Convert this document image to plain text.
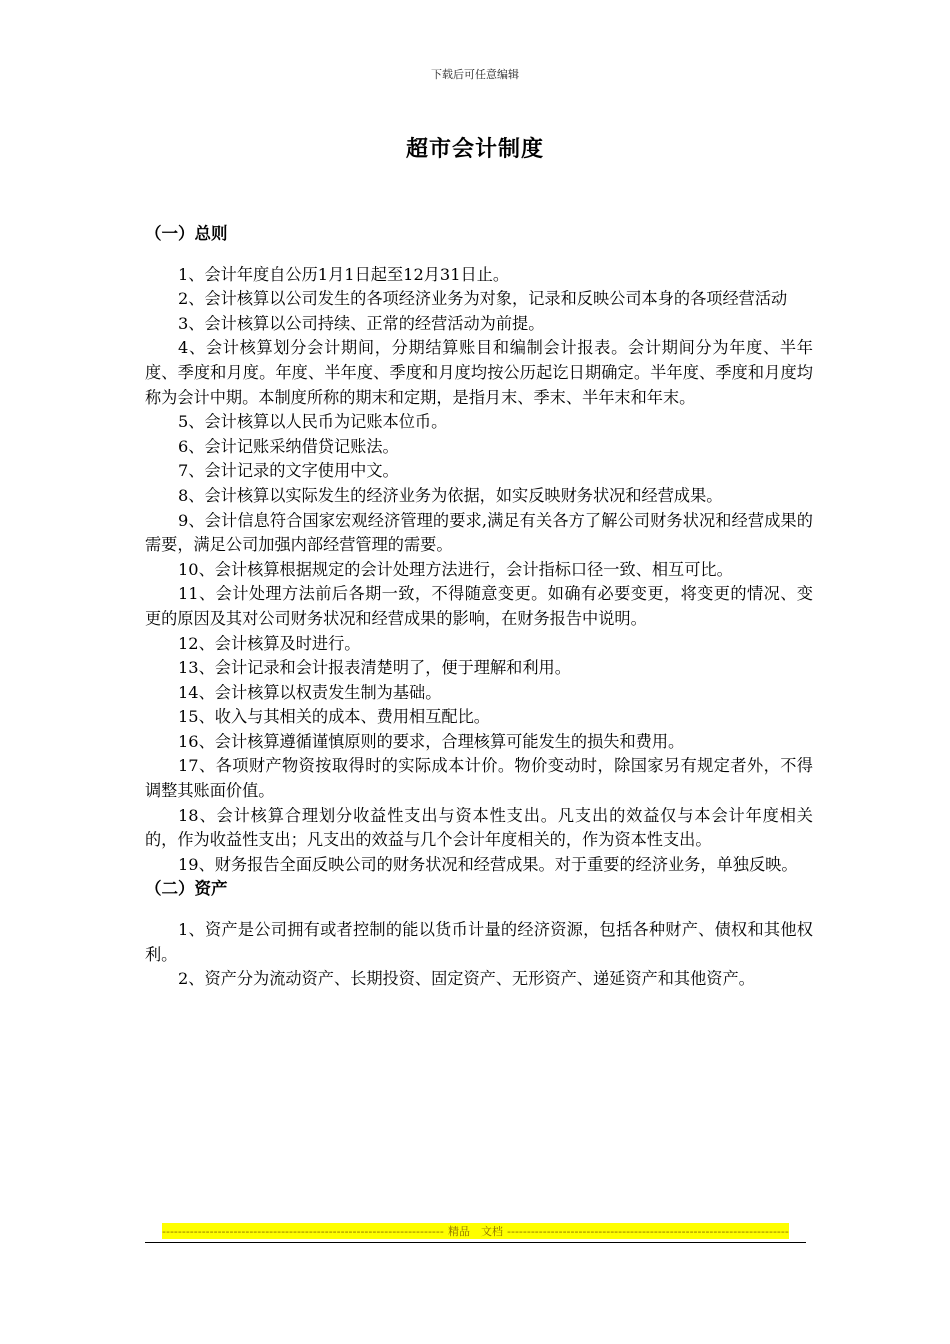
下载后可任意编辑
超市会计制度
（一）总则

1、会计年度自公历1月1日起至12月31日止。

2、会计核算以公司发生的各项经济业务为对象，记录和反映公司本身的各项经营活动

3、会计核算以公司持续、正常的经营活动为前提。

4、会计核算划分会计期间，分期结算账目和编制会计报表。会计期间分为年度、半年度、季度和月度。年度、半年度、季度和月度均按公历起讫日期确定。半年度、季度和月度均称为会计中期。本制度所称的期末和定期，是指月末、季末、半年末和年末。

5、会计核算以人民币为记账本位币。

6、会计记账采纳借贷记账法。

7、会计记录的文字使用中文。

8、会计核算以实际发生的经济业务为依据，如实反映财务状况和经营成果。

9、会计信息符合国家宏观经济管理的要求,满足有关各方了解公司财务状况和经营成果的需要，满足公司加强内部经营管理的需要。

10、会计核算根据规定的会计处理方法进行，会计指标口径一致、相互可比。

11、会计处理方法前后各期一致，不得随意变更。如确有必要变更，将变更的情况、变更的原因及其对公司财务状况和经营成果的影响，在财务报告中说明。

12、会计核算及时进行。

13、会计记录和会计报表清楚明了，便于理解和利用。

14、会计核算以权责发生制为基础。

15、收入与其相关的成本、费用相互配比。

16、会计核算遵循谨慎原则的要求，合理核算可能发生的损失和费用。

17、各项财产物资按取得时的实际成本计价。物价变动时，除国家另有规定者外，不得调整其账面价值。

18、会计核算合理划分收益性支出与资本性支出。凡支出的效益仅与本会计年度相关的，作为收益性支出；凡支出的效益与几个会计年度相关的，作为资本性支出。

19、财务报告全面反映公司的财务状况和经营成果。对于重要的经济业务，单独反映。

（二）资产

1、资产是公司拥有或者控制的能以货币计量的经济资源，包括各种财产、债权和其他权利。

2、资产分为流动资产、长期投资、固定资产、无形资产、递延资产和其他资产。

-----
精品　文档
-----
